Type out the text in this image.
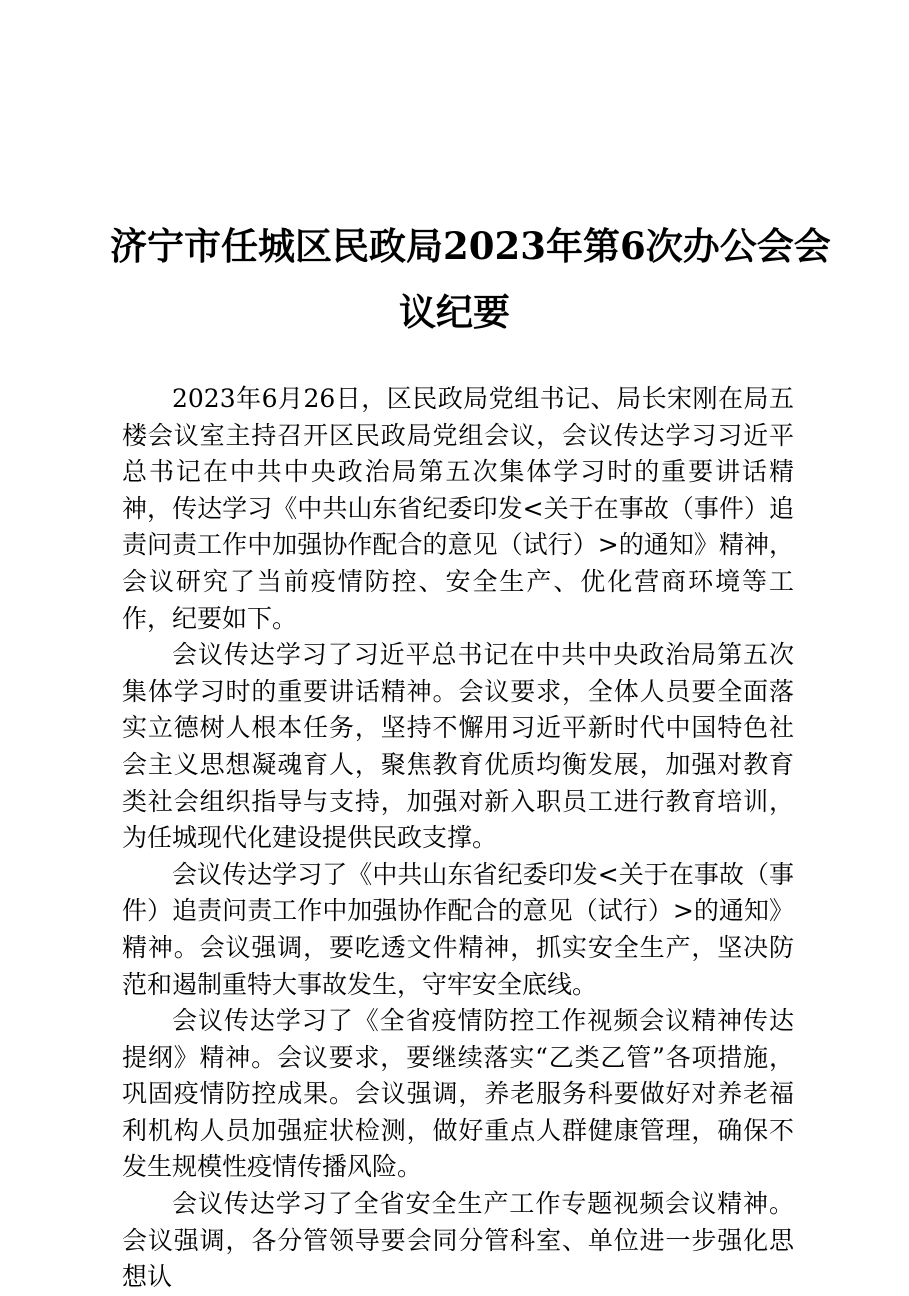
济宁市任城区民政局2023年第6次办公会会
议纪要

2023年6月26日，区民政局党组书记、局长宋刚在局五楼会议室主持召开区民政局党组会议，会议传达学习习近平总书记在中共中央政治局第五次集体学习时的重要讲话精神，传达学习《中共山东省纪委印发<关于在事故（事件）追责问责工作中加强协作配合的意见（试行）>的通知》精神，会议研究了当前疫情防控、安全生产、优化营商环境等工作，纪要如下。

会议传达学习了习近平总书记在中共中央政治局第五次集体学习时的重要讲话精神。会议要求，全体人员要全面落实立德树人根本任务，坚持不懈用习近平新时代中国特色社会主义思想凝魂育人，聚焦教育优质均衡发展，加强对教育类社会组织指导与支持，加强对新入职员工进行教育培训，为任城现代化建设提供民政支撑。

会议传达学习了《中共山东省纪委印发<关于在事故（事件）追责问责工作中加强协作配合的意见（试行）>的通知》精神。会议强调，要吃透文件精神，抓实安全生产，坚决防范和遏制重特大事故发生，守牢安全底线。

会议传达学习了《全省疫情防控工作视频会议精神传达提纲》精神。会议要求，要继续落实“乙类乙管”各项措施，巩固疫情防控成果。会议强调，养老服务科要做好对养老福利机构人员加强症状检测，做好重点人群健康管理，确保不发生规模性疫情传播风险。

会议传达学习了全省安全生产工作专题视频会议精神。会议强调，各分管领导要会同分管科室、单位进一步强化思想认
